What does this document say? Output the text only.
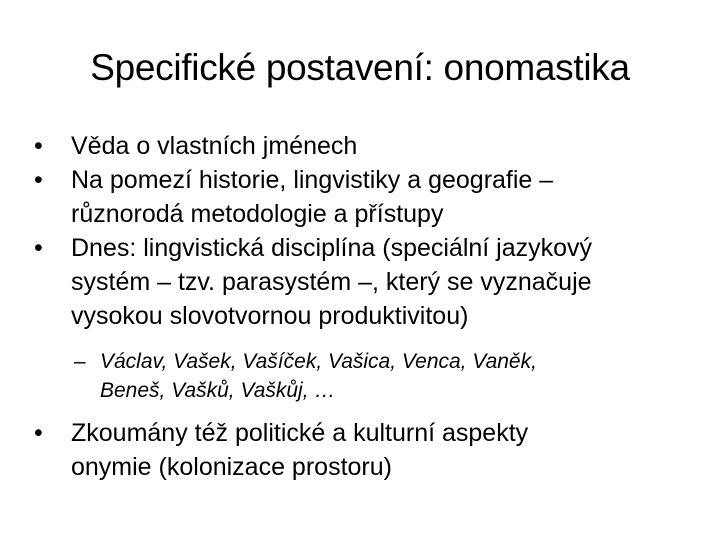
Specifické postavení: onomastika
•	Věda o vlastních jménech
•	Na pomezí historie, lingvistiky a geografie –
různorodá metodologie a přístupy
•	Dnes: lingvistická disciplína (speciální jazykový
systém – tzv. parasystém –, který se vyznačuje
vysokou slovotvornou produktivitou)
– Václav, Vašek, Vašíček, Vašica, Venca, Vaněk,
Beneš, Vašků, Vaškůj, …
•	Zkoumány též politické a kulturní aspekty
onymie (kolonizace prostoru)
